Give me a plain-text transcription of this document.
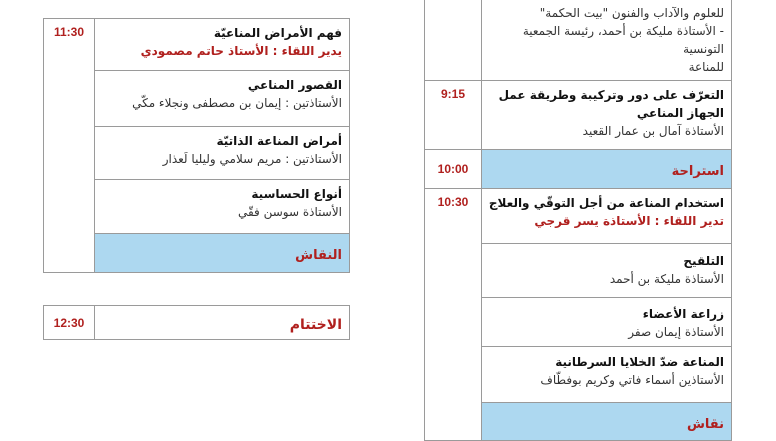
للعلوم والآداب والفنون "بيت الحكمة"
- الأستاذة مليكة بن أحمد، رئيسة الجمعية التونسية
للمناعة	

التعرّف على دور وتركيبة وطريقة عمل الجهاز المناعي
الأستاذة آمال بن عمار القعيد	9:15
استراحة	10:00

استخدام المناعة من أجل التوقّي والعلاج
تدير اللقاء : الأستاذة يسر قرجي	10:30

التلقيح
الأستاذة مليكة بن أحمد	

زراعة الأعضاء
الأستاذة إيمان صفر	

المناعة ضدّ الخلايا السرطانية
الأستاذين أسماء فاتي وكريم بوفطّاف	

نقاش	
فهم الأمراض المناعيّة
يدير اللقاء : الأستاذ حاتم مصمودي
	11:30

القصور المناعي
الأستاذتين : إيمان بن مصطفى ونجلاء مكّي

أمراض المناعة الذاتيّة
الأستاذتين : مريم سلامي وليليا لَعذار

أنواع الحساسية
الأستاذة سوسن فقّي

النقاش
الاختتام	12:30
